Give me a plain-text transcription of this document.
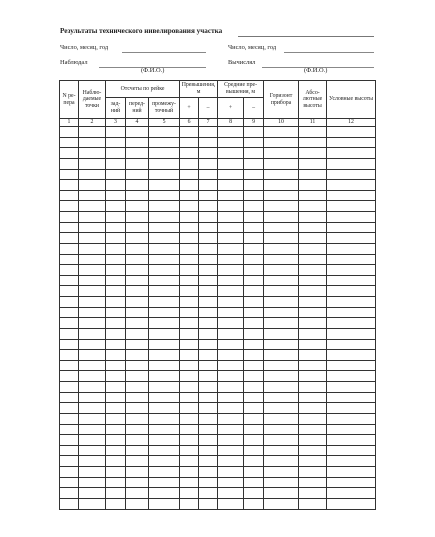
Результаты технического нивелирования участка
Число, месяц, год	Число, месяц, год
Наблюдал	Вычислял
(Ф.И.О.)	(Ф.И.О.)
N ре- пера	Наблю- даемые точки	Отсчеты по рейке			Превышения, м		Средние пре- вышения, м		Горизонт прибора	Абсо- лютные высоты	Условные высоты
		зад- ний	перед- ний	промежу- точный	+	–	+	–			
1	2	3	4	5	6	7	8	9	10	11	12
